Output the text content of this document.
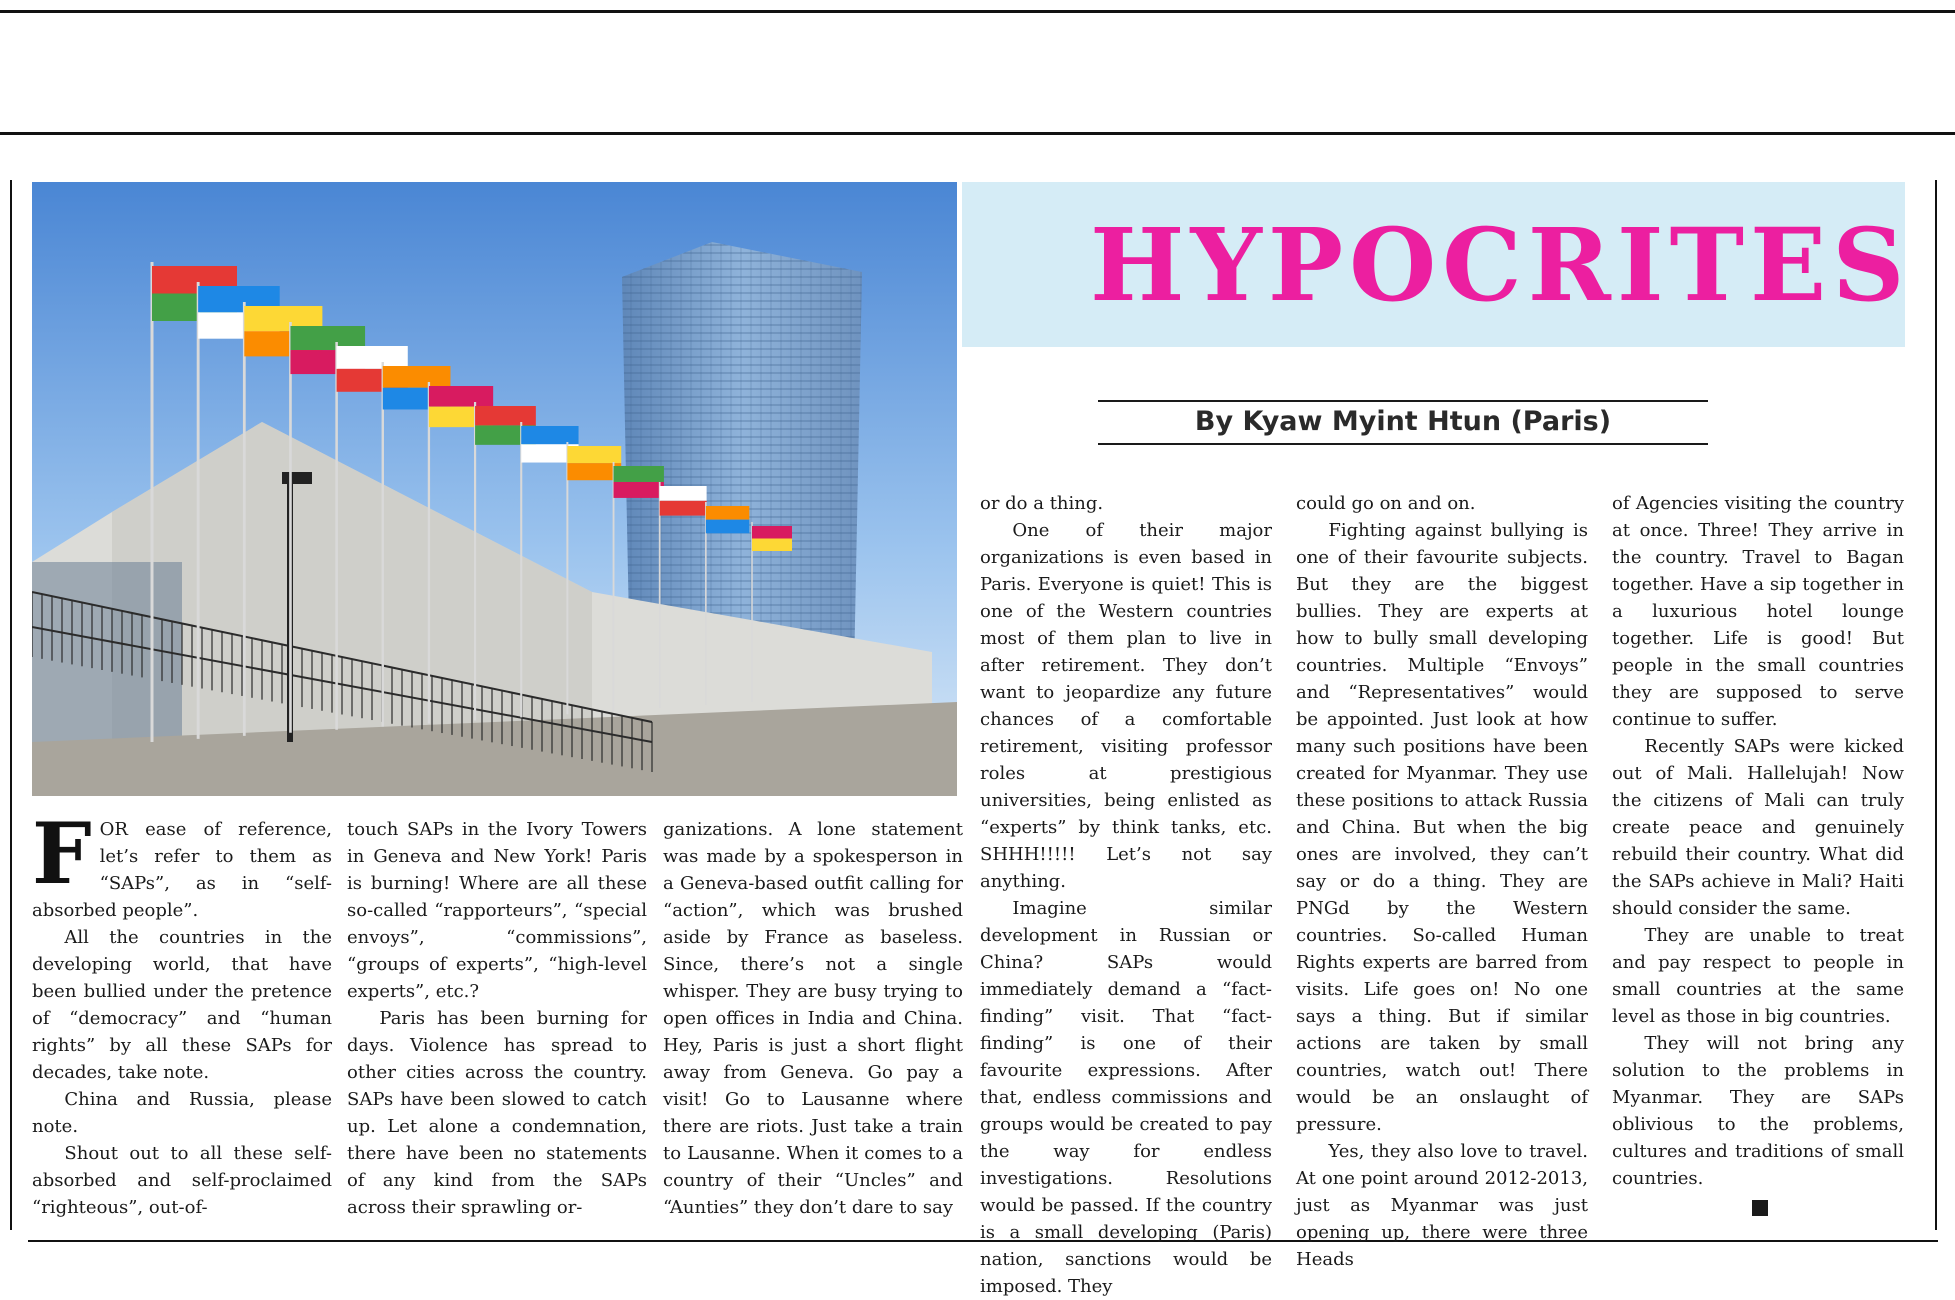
HYPOCRITES
By Kyaw Myint Htun (Paris)

FOR ease of reference, let’s refer to them as “SAPs”, as in “self-absorbed people”.

All the countries in the developing world, that have been bullied under the pretence of “democracy” and “human rights” by all these SAPs for decades, take note.

China and Russia, please note.

Shout out to all these self-absorbed and self-proclaimed “righteous”, out-of-

touch SAPs in the Ivory Towers in Geneva and New York! Paris is burning! Where are all these so-called “rapporteurs”, “special envoys”, “commissions”, “groups of experts”, “high-level experts”, etc.?

Paris has been burning for days. Violence has spread to other cities across the country. SAPs have been slowed to catch up. Let alone a condemnation, there have been no statements of any kind from the SAPs across their sprawling or-

ganizations. A lone statement was made by a spokesperson in a Geneva-based outfit calling for “action”, which was brushed aside by France as baseless. Since, there’s not a single whisper. They are busy trying to open offices in India and China. Hey, Paris is just a short flight away from Geneva. Go pay a visit! Go to Lausanne where there are riots. Just take a train to Lausanne. When it comes to a country of their “Uncles” and “Aunties” they don’t dare to say

or do a thing.

One of their major organizations is even based in Paris. Everyone is quiet! This is one of the Western countries most of them plan to live in after retirement. They don’t want to jeopardize any future chances of a comfortable retirement, visiting professor roles at prestigious universities, being enlisted as “experts” by think tanks, etc. SHHH!!!!! Let’s not say anything.

Imagine similar development in Russian or China? SAPs would immediately demand a “fact-finding” visit. That “fact-finding” is one of their favourite expressions. After that, endless commissions and groups would be created to pay the way for endless investigations. Resolutions would be passed. If the country is a small developing (Paris) nation, sanctions would be imposed. They

could go on and on.

Fighting against bullying is one of their favourite subjects. But they are the biggest bullies. They are experts at how to bully small developing countries. Multiple “Envoys” and “Representatives” would be appointed. Just look at how many such positions have been created for Myanmar. They use these positions to attack Russia and China. But when the big ones are involved, they can’t say or do a thing. They are PNGd by the Western countries. So-called Human Rights experts are barred from visits. Life goes on! No one says a thing. But if similar actions are taken by small countries, watch out! There would be an onslaught of pressure.

Yes, they also love to travel. At one point around 2012-2013, just as Myanmar was just opening up, there were three Heads

of Agencies visiting the country at once. Three! They arrive in the country. Travel to Bagan together. Have a sip together in a luxurious hotel lounge together. Life is good! But people in the small countries they are supposed to serve continue to suffer.

Recently SAPs were kicked out of Mali. Hallelujah! Now the citizens of Mali can truly create peace and genuinely rebuild their country. What did the SAPs achieve in Mali? Haiti should consider the same.

They are unable to treat and pay respect to people in small countries at the same level as those in big countries.

They will not bring any solution to the problems in Myanmar. They are SAPs oblivious to the problems, cultures and traditions of small countries.
